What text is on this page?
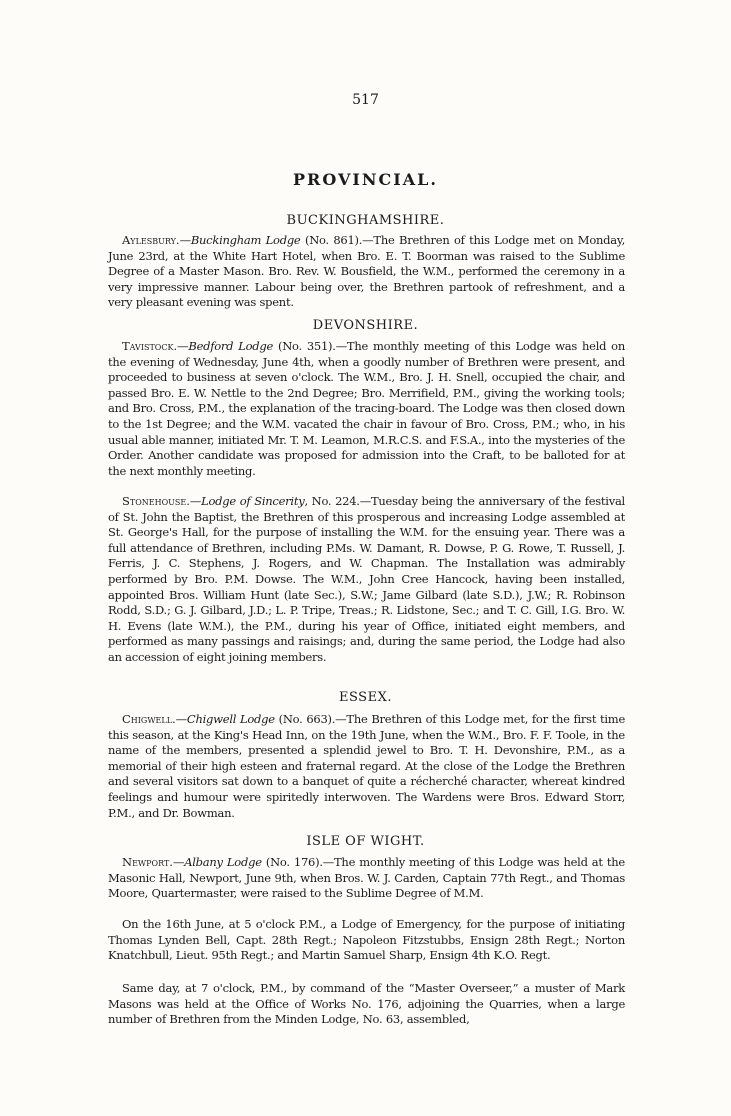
517
PROVINCIAL.
BUCKINGHAMSHIRE.

Aylesbury.—Buckingham Lodge (No. 861).—The Brethren of this Lodge met on Monday, June 23rd, at the White Hart Hotel, when Bro. E. T. Boorman was raised to the Sublime Degree of a Master Mason. Bro. Rev. W. Bousfield, the W.M., performed the ceremony in a very impressive manner. Labour being over, the Brethren partook of refreshment, and a very pleasant evening was spent.

DEVONSHIRE.

Tavistock.—Bedford Lodge (No. 351).—The monthly meeting of this Lodge was held on the evening of Wednesday, June 4th, when a goodly number of Brethren were present, and proceeded to business at seven o'clock. The W.M., Bro. J. H. Snell, occupied the chair, and passed Bro. E. W. Nettle to the 2nd Degree; Bro. Merrifield, P.M., giving the working tools; and Bro. Cross, P.M., the explanation of the tracing-board. The Lodge was then closed down to the 1st Degree; and the W.M. vacated the chair in favour of Bro. Cross, P.M.; who, in his usual able manner, initiated Mr. T. M. Leamon, M.R.C.S. and F.S.A., into the mysteries of the Order. Another candidate was proposed for admission into the Craft, to be balloted for at the next monthly meeting.

Stonehouse.—Lodge of Sincerity, No. 224.—Tuesday being the anniversary of the festival of St. John the Baptist, the Brethren of this prosperous and increasing Lodge assembled at St. George's Hall, for the purpose of installing the W.M. for the ensuing year. There was a full attendance of Brethren, including P.Ms. W. Damant, R. Dowse, P. G. Rowe, T. Russell, J. Ferris, J. C. Stephens, J. Rogers, and W. Chapman. The Installation was admirably performed by Bro. P.M. Dowse. The W.M., John Cree Hancock, having been installed, appointed Bros. William Hunt (late Sec.), S.W.; Jame Gilbard (late S.D.), J.W.; R. Robinson Rodd, S.D.; G. J. Gilbard, J.D.; L. P. Tripe, Treas.; R. Lidstone, Sec.; and T. C. Gill, I.G. Bro. W. H. Evens (late W.M.), the P.M., during his year of Office, initiated eight members, and performed as many passings and raisings; and, during the same period, the Lodge had also an accession of eight joining members.

ESSEX.

Chigwell.—Chigwell Lodge (No. 663).—The Brethren of this Lodge met, for the first time this season, at the King's Head Inn, on the 19th June, when the W.M., Bro. F. F. Toole, in the name of the members, presented a splendid jewel to Bro. T. H. Devonshire, P.M., as a memorial of their high esteen and fraternal regard. At the close of the Lodge the Brethren and several visitors sat down to a banquet of quite a récherché character, whereat kindred feelings and humour were spiritedly interwoven. The Wardens were Bros. Edward Storr, P.M., and Dr. Bowman.

ISLE OF WIGHT.

Newport.—Albany Lodge (No. 176).—The monthly meeting of this Lodge was held at the Masonic Hall, Newport, June 9th, when Bros. W. J. Carden, Captain 77th Regt., and Thomas Moore, Quartermaster, were raised to the Sublime Degree of M.M.

On the 16th June, at 5 o'clock P.M., a Lodge of Emergency, for the purpose of initiating Thomas Lynden Bell, Capt. 28th Regt.; Napoleon Fitzstubbs, Ensign 28th Regt.; Norton Knatchbull, Lieut. 95th Regt.; and Martin Samuel Sharp, Ensign 4th K.O. Regt.

Same day, at 7 o'clock, P.M., by command of the “Master Overseer,” a muster of Mark Masons was held at the Office of Works No. 176, adjoining the Quarries, when a large number of Brethren from the Minden Lodge, No. 63, assembled,
